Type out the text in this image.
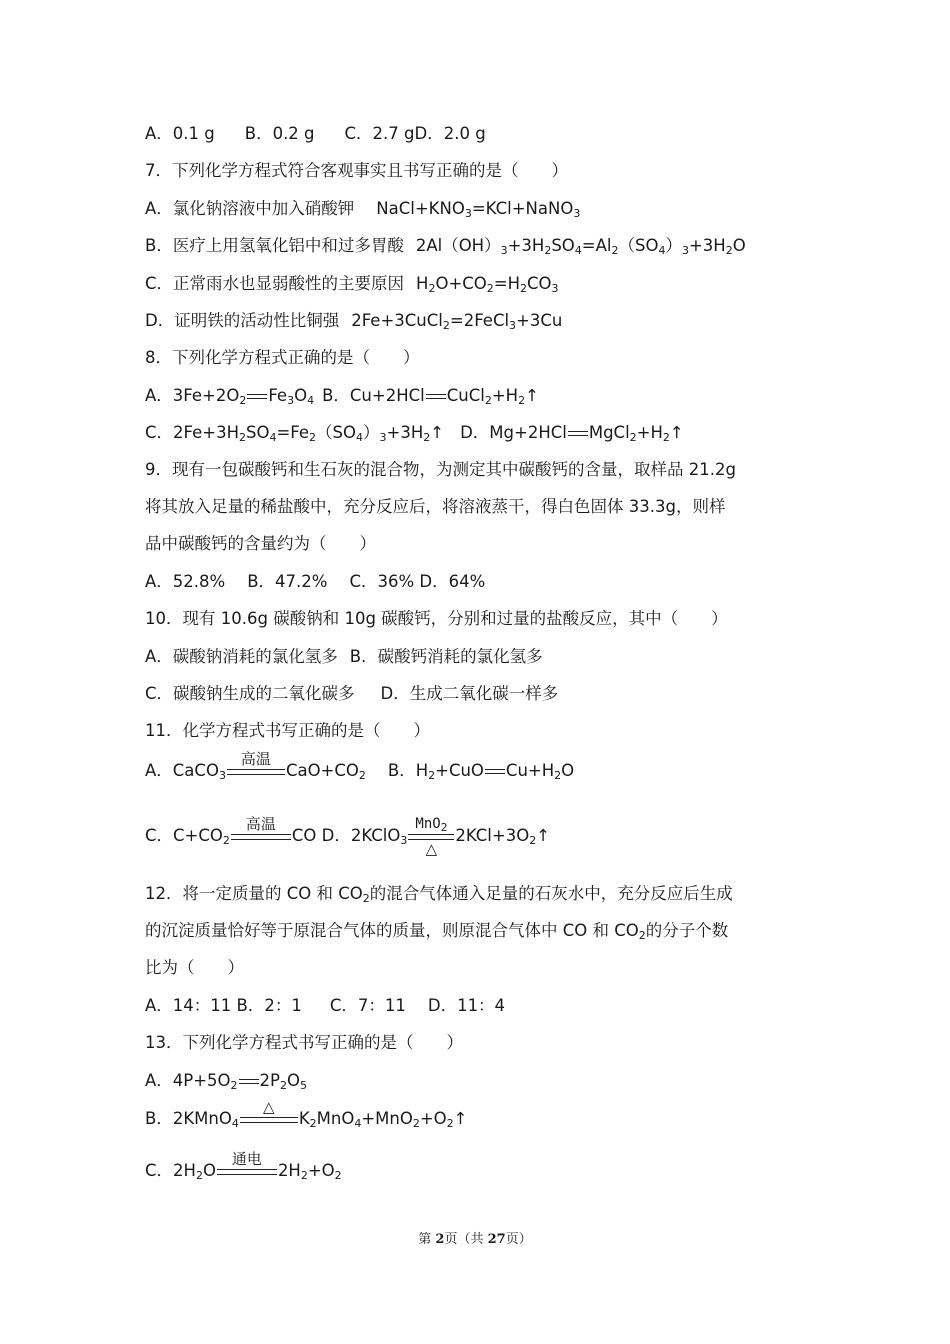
A．0.1 g B．0.2 g C．2.7 gD．2.0 g
7．下列化学方程式符合客观事实且书写正确的是（　　）
A．氯化钠溶液中加入硝酸钾 $NaCl+KNO_3=KCl+NaNO_3$
B．医疗上用氢氧化铝中和过多胃酸 $2Al(OH)_3+3H_2SO_4=Al_2(SO_4)_3+3H_2O$
C．正常雨水也显弱酸性的主要原因 $H_2O+CO_2=H_2CO_3$
D．证明铁的活动性比铜强 2Fe+3CuCl$_2$=2FeCl$_3$+3Cu
8．下列化学方程式正确的是（　　）
A．$3Fe+2O_2$ $Fe_3O_4$ B．Cu+2HCl $CuCl_2+H_2↑$
C．$2Fe+3H_2SO_4=Fe_2(SO_4)_3+3H_2↑$ D．Mg+2HCl $MgCl_2+H_2↑$
9．现有一包碳酸钙和生石灰的混合物，为测定其中碳酸钙的含量，取样品 21.2g
将其放入足量的稀盐酸中，充分反应后，将溶液蒸干，得白色固体 33.3g，则样
品中碳酸钙的含量约为（　　）
A．52.8% B．47.2% C．36% D．64%
10．现有 10.6g 碳酸钠和 10g 碳酸钙，分别和过量的盐酸反应，其中（　　）
A．碳酸钠消耗的氯化氢多 B．碳酸钙消耗的氯化氢多
C．碳酸钠生成的二氧化碳多 D．生成二氧化碳一样多
11．化学方程式书写正确的是（　　）
A．CaCO$_3$
高温

$CaO+CO_2$ B．$H_2+CuO$ $Cu+H_2O$
C．$C+CO_2$
高温

CO D．2KClO$_3$
MnO$_2$
△
$2KCl+3O_2↑$
12．将一定质量的 CO 和 $CO_2$的混合气体通入足量的石灰水中，充分反应后生成
的沉淀质量恰好等于原混合气体的质量，则原混合气体中 CO 和 $CO_2$的分子个数
比为（　　）
A．14：11 B．2：1 C．7：11 D．11：4
13．下列化学方程式书写正确的是（　　）
A．$4P+5O_2$ $2P_2O_5$
B．2KMnO$_4$
△

$K_2MnO_4+MnO_2+O_2↑$
C．$2H_2O$
通电

$2H_2+O_2$
第 2页（共 27页）
